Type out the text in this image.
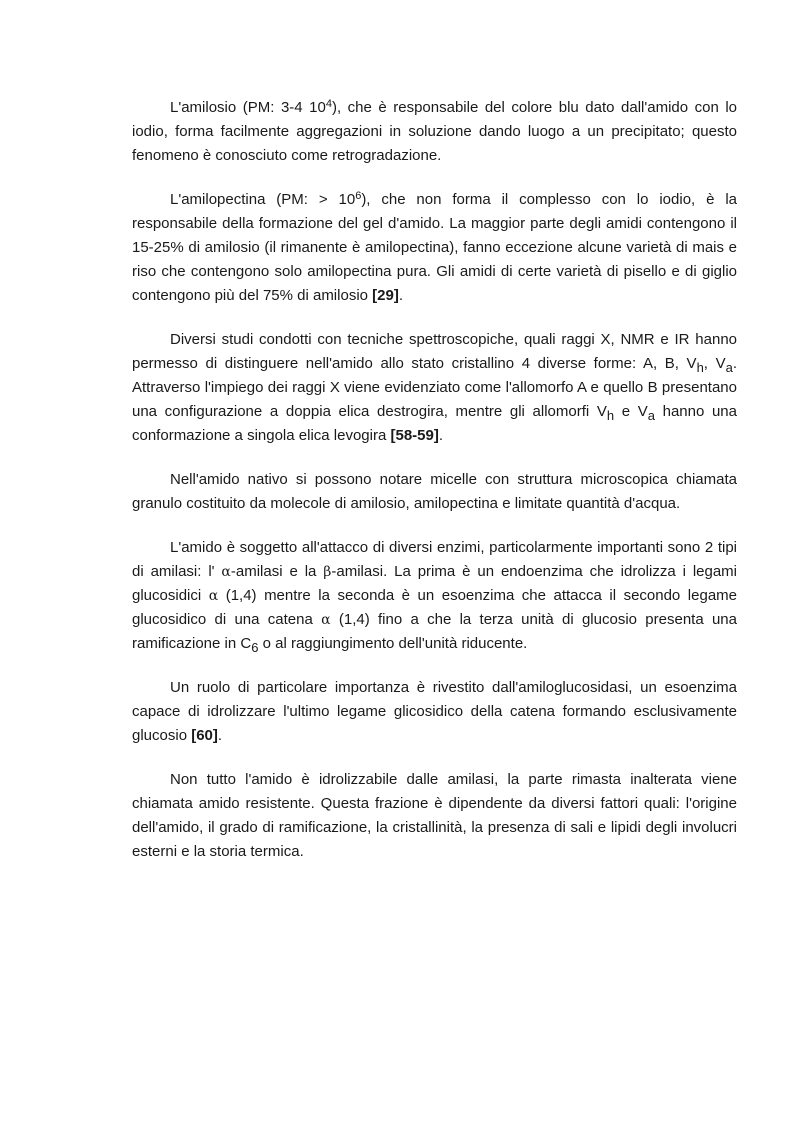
L'amilosio (PM: 3-4 $10^4$), che è responsabile del colore blu dato dall'amido con lo iodio, forma facilmente aggregazioni in soluzione dando luogo a un precipitato; questo fenomeno è conosciuto come retrogradazione.

L'amilopectina (PM: > $10^6$), che non forma il complesso con lo iodio, è la responsabile della formazione del gel d'amido. La maggior parte degli amidi contengono il 15-25% di amilosio (il rimanente è amilopectina), fanno eccezione alcune varietà di mais e riso che contengono solo amilopectina pura. Gli amidi di certe varietà di pisello e di giglio contengono più del 75% di amilosio [29].

Diversi studi condotti con tecniche spettroscopiche, quali raggi X, NMR e IR hanno permesso di distinguere nell'amido allo stato cristallino 4 diverse forme: A, B, $V_h$, $V_a$. Attraverso l'impiego dei raggi X viene evidenziato come l'allomorfo A e quello B presentano una configurazione a doppia elica destrogira, mentre gli allomorfi $V_h$ e $V_a$ hanno una conformazione a singola elica levogira [58-59].

Nell'amido nativo si possono notare micelle con struttura microscopica chiamata granulo costituito da molecole di amilosio, amilopectina e limitate quantità d'acqua.

L'amido è soggetto all'attacco di diversi enzimi, particolarmente importanti sono 2 tipi di amilasi: l' α-amilasi e la β-amilasi. La prima è un endoenzima che idrolizza i legami glucosidici α (1,4) mentre la seconda è un esoenzima che attacca il secondo legame glucosidico di una catena α (1,4) fino a che la terza unità di glucosio presenta una ramificazione in $C_6$ o al raggiungimento dell'unità riducente.

Un ruolo di particolare importanza è rivestito dall'amiloglucosidasi, un esoenzima capace di idrolizzare l'ultimo legame glicosidico della catena formando esclusivamente glucosio [60].

Non tutto l'amido è idrolizzabile dalle amilasi, la parte rimasta inalterata viene chiamata amido resistente. Questa frazione è dipendente da diversi fattori quali: l'origine dell'amido, il grado di ramificazione, la cristallinità, la presenza di sali e lipidi degli involucri esterni e la storia termica.
